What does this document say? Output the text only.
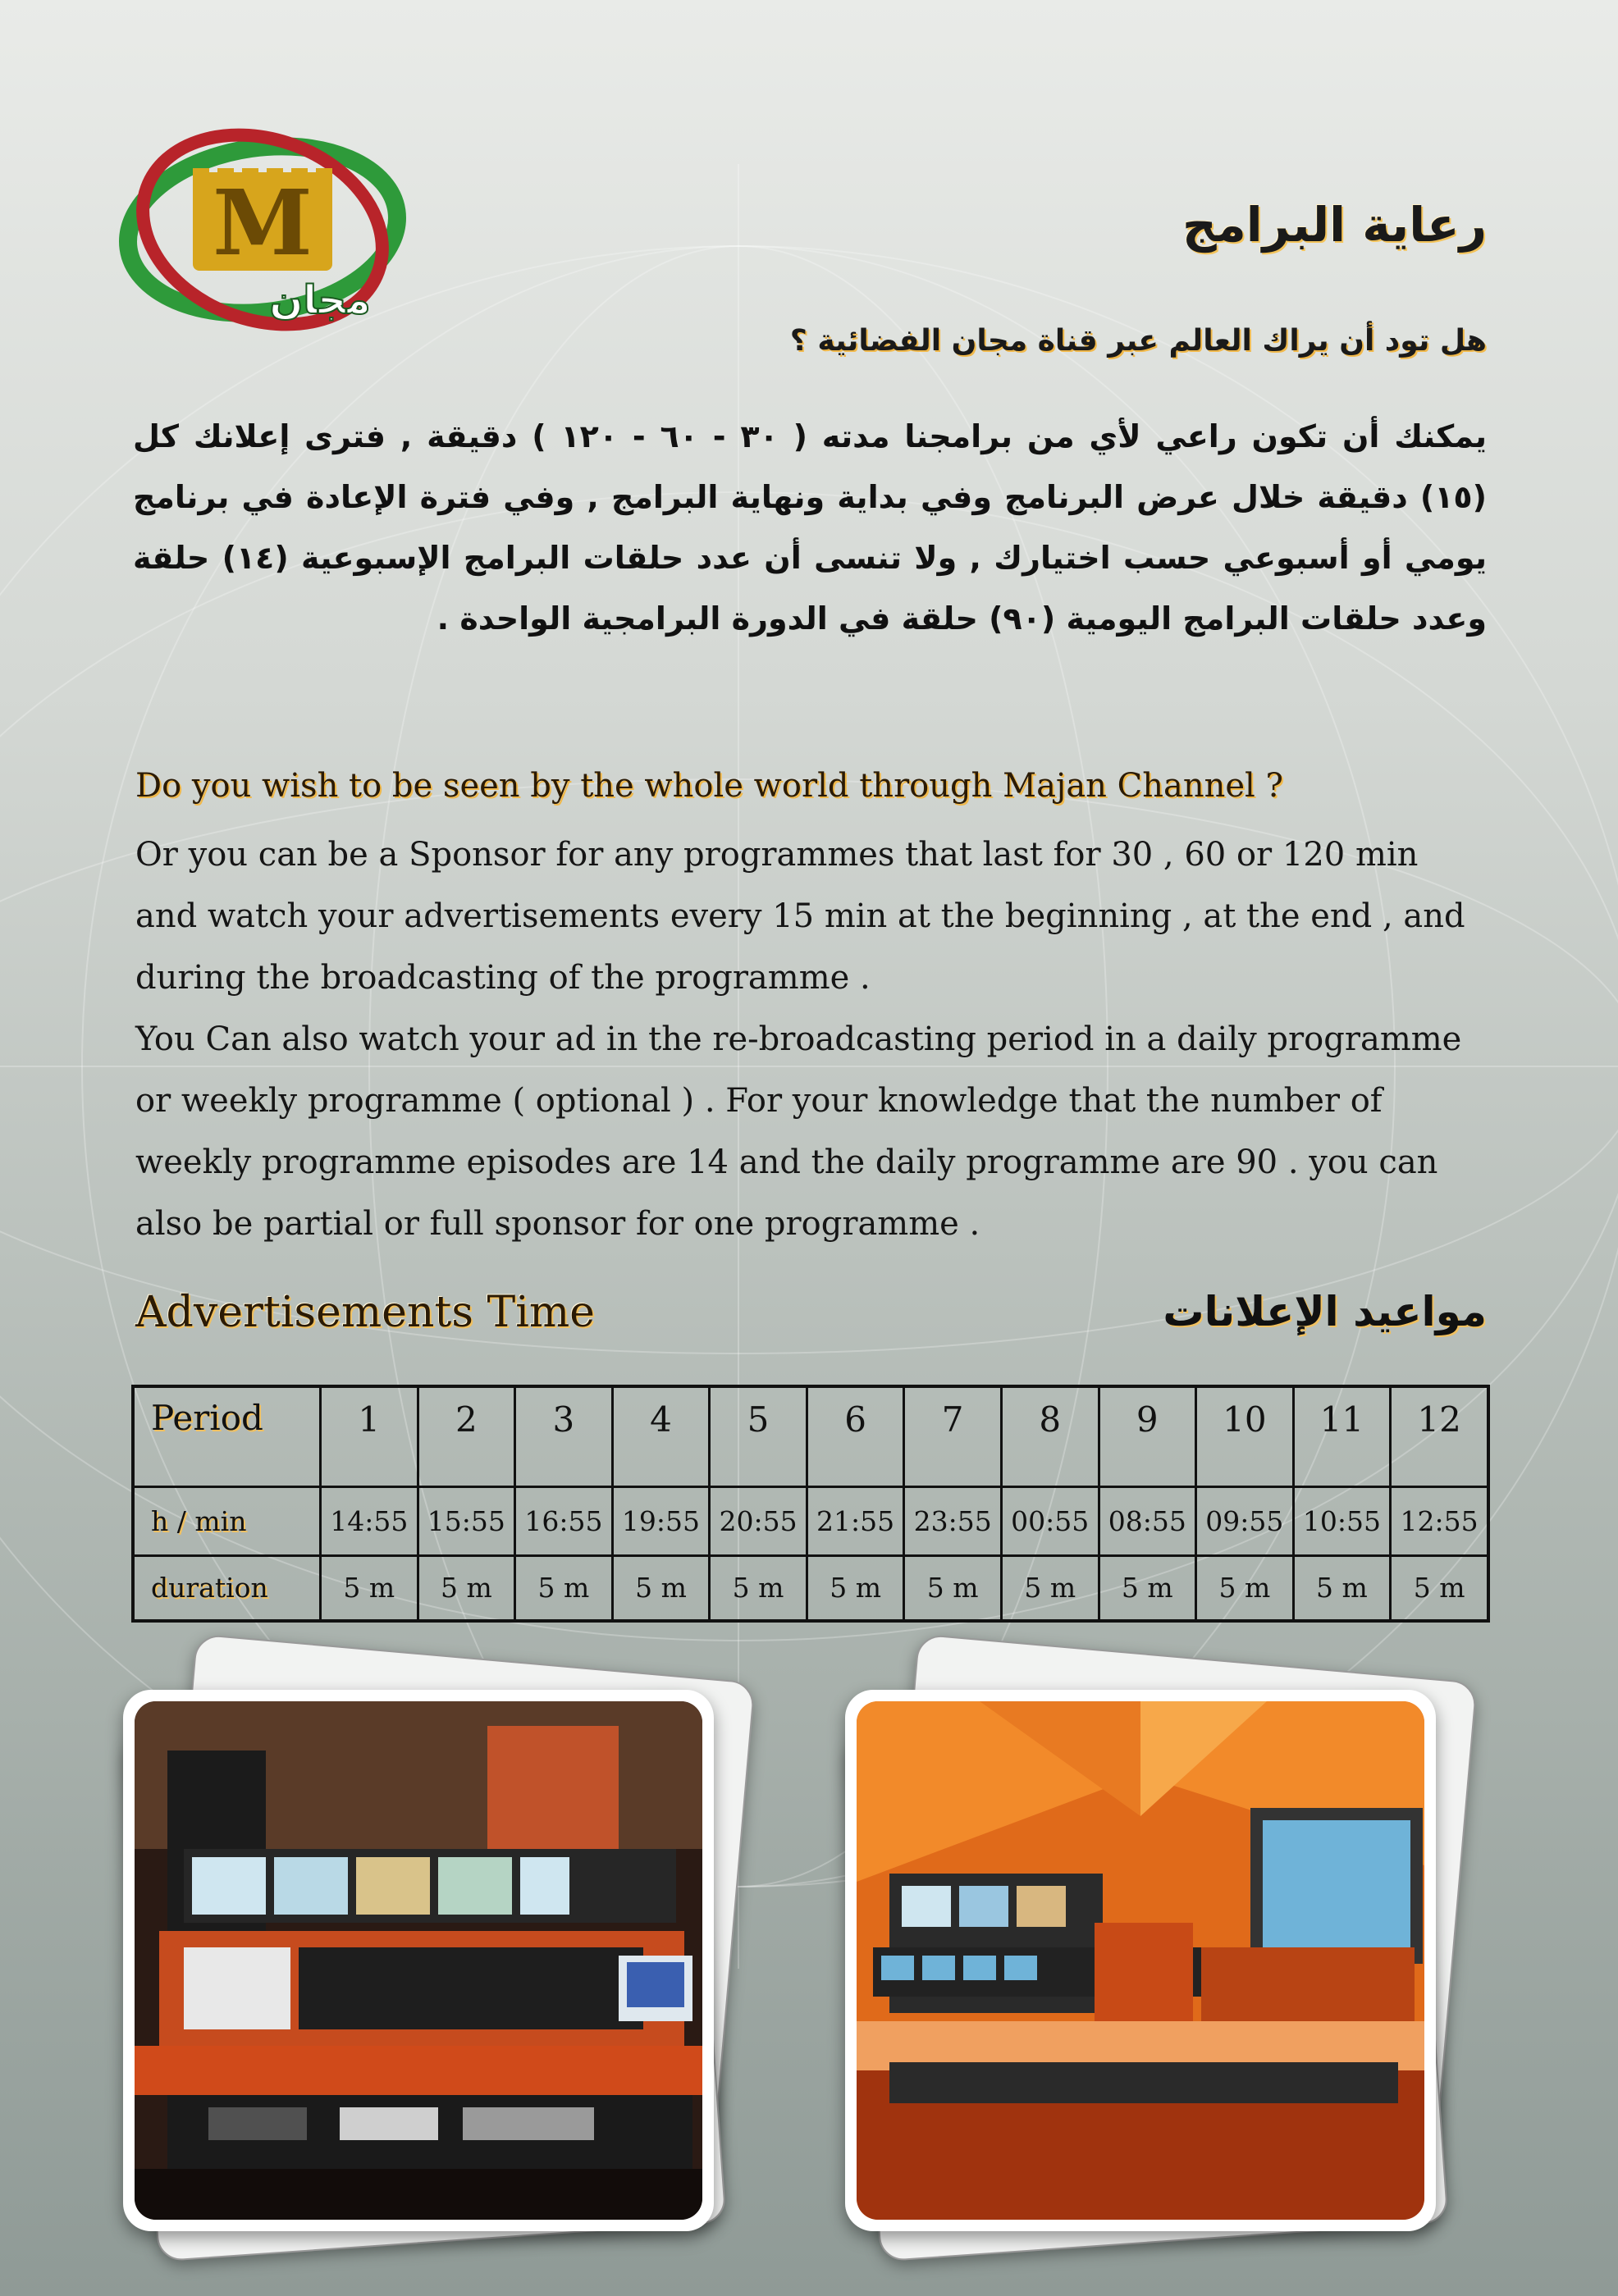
M
مجان
رعاية البرامج
هل تود أن يراك العالم عبر قناة مجان الفضائية ؟
يمكنك أن تكون راعي لأي من برامجنا مدته ( ٣٠ - ٦٠ - ١٢٠ ) دقيقة , فترى إعلانك كل (١٥) دقيقة خلال عرض البرنامج وفي بداية ونهاية البرامج , وفي فترة الإعادة في برنامج يومي أو أسبوعي حسب اختيارك , ولا تنسى أن عدد حلقات البرامج الإسبوعية (١٤) حلقة وعدد حلقات البرامج اليومية (٩٠) حلقة في الدورة البرامجية الواحدة .
Do you wish to be seen by the whole world through Majan Channel ?

Or you can be a Sponsor for any programmes that last for 30 , 60 or 120 min and watch your advertisements every 15 min at the beginning , at the end , and during the broadcasting of the programme .

You Can also watch your ad in the re-broadcasting period in a daily programme or weekly programme ( optional ) . For your knowledge that the number of weekly programme episodes are 14 and the daily programme are 90 . you can also be partial or full sponsor for one programme .

Advertisements Time	مواعيد الإعلانات
Period	1	2	3	4	5	6	7	8	9	10	11	12
h / min	14:55	15:55	16:55	19:55	20:55	21:55	23:55	00:55	08:55	09:55	10:55	12:55
duration	5 m	5 m	5 m	5 m	5 m	5 m	5 m	5 m	5 m	5 m	5 m	5 m
